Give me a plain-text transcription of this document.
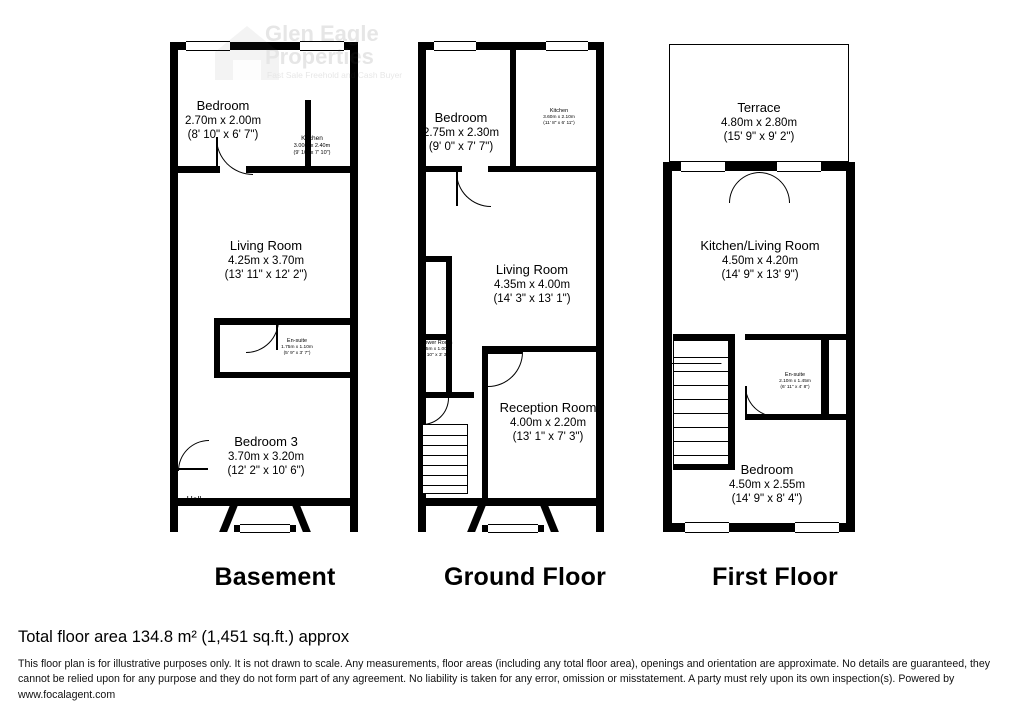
Bedroom
2.70m x 2.00m
(8' 10" x 6' 7")	Kitchen
3.00m x 2.40m
(9' 10" x 7' 10")
Living Room
4.25m x 3.70m
(13' 11" x 12' 2")
En-suite
1.75m x 1.10m
(5' 9" x 3' 7")
Bedroom 3
3.70m x 3.20m
(12' 2" x 10' 6")
Hall
Basement
Bedroom
2.75m x 2.30m
(9' 0" x 7' 7")
Kitchen
3.60m x 2.10m
(11' 8" x 6' 11")
Living Room
4.35m x 4.00m
(14' 3" x 13' 1")
Shower Room
1.85m x 1.00m
(6' 10" x 3' 3")
Reception Room
4.00m x 2.20m
(13' 1" x 7' 3")
Ground Floor
Terrace
4.80m x 2.80m
(15' 9" x 9' 2")
Kitchen/Living Room
4.50m x 4.20m
(14' 9" x 13' 9")
En-suite
2.10m x 1.45m
(6' 11" x 4' 8")
Bedroom
4.50m x 2.55m
(14' 9" x 8' 4")
First Floor
Glen Eagle
Properties
Fast Sale Freehold and Cash Buyer
Total floor area 134.8 m² (1,451 sq.ft.) approx
This floor plan is for illustrative purposes only. It is not drawn to scale. Any measurements, floor areas (including any total floor area), openings and orientation are approximate. No details are guaranteed, they cannot be relied upon for any purpose and they do not form part of any agreement. No liability is taken for any error, omission or misstatement. A party must rely upon its own inspection(s). Powered by www.focalagent.com
